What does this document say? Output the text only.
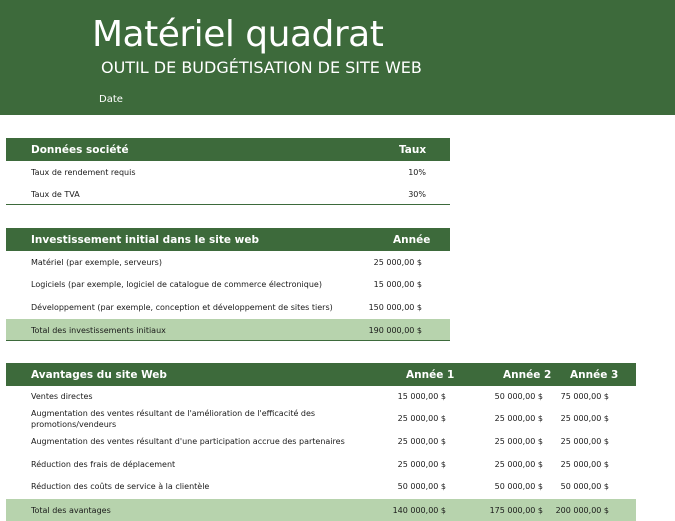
Matériel quadrat
OUTIL DE BUDGÉTISATION DE SITE WEB
Date
Données société	Taux
Taux de rendement requis	10%
Taux de TVA	30%
Investissement initial dans le site web	Année
Matériel (par exemple, serveurs)	25 000,00 $
Logiciels (par exemple, logiciel de catalogue de commerce électronique)	15 000,00 $
Développement (par exemple, conception et développement de sites tiers)	150 000,00 $
Total des investissements initiaux	190 000,00 $
Avantages du site Web	Année 1	Année 2 Année 3
Ventes directes	15 000,00 $	50 000,00 $ 75 000,00 $
Augmentation des ventes résultant de l'amélioration de l'efficacité des promotions/vendeurs
25 000,00 $	25 000,00 $ 25 000,00 $
Augmentation des ventes résultant d'une participation accrue des partenaires	25 000,00 $	25 000,00 $ 25 000,00 $
Réduction des frais de déplacement	25 000,00 $	25 000,00 $ 25 000,00 $
Réduction des coûts de service à la clientèle	50 000,00 $	50 000,00 $ 50 000,00 $
Total des avantages	140 000,00 $	175 000,00 $ 200 000,00 $
